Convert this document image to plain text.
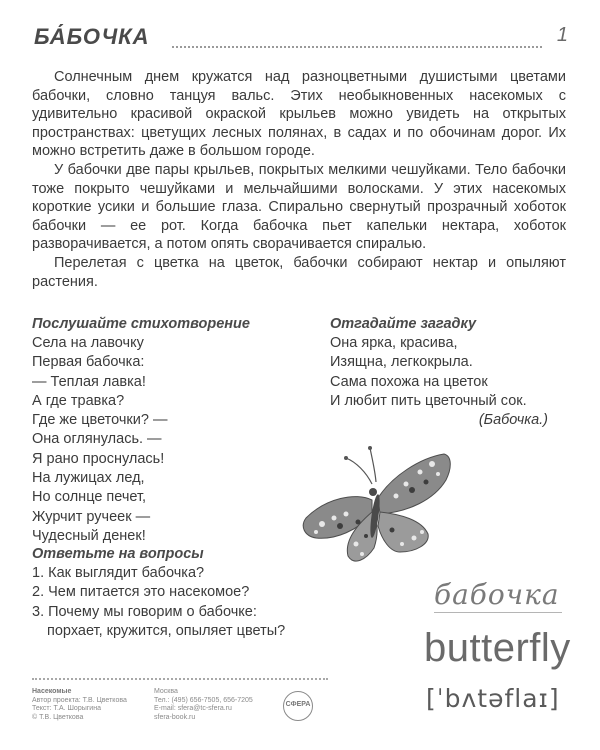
БА́БОЧКА	1

Солнечным днем кружатся над разноцветными душистыми цветами бабочки, словно танцуя вальс. Этих необыкновенных насекомых с удивительно красивой окраской крыльев можно увидеть на открытых пространствах: цветущих лесных полянах, в садах и по обочинам дорог. Их можно встретить даже в большом городе.

У бабочки две пары крыльев, покрытых мелкими чешуйками. Тело бабочки тоже покрыто чешуйками и мельчайшими волосками. У этих насекомых короткие усики и большие глаза. Спирально свернутый прозрачный хоботок бабочки — ее рот. Когда бабочка пьет капельки нектара, хоботок разворачивается, а потом опять сворачивается спиралью.

Перелетая с цветка на цветок, бабочки собирают нектар и опыляют растения.

Послушайте стихотворение
Села на лавочку
Первая бабочка:
— Теплая лавка!
А где травка?
Где же цветочки? —
Она оглянулась. —
Я рано проснулась!
На лужицах лед,
Но солнце печет,
Журчит ручеек —
Чудесный денек!
Отгадайте загадку
Она ярка, красива,
Изящна, легкокрыла.
Сама похожа на цветок
И любит пить цветочный сок.
(Бабочка.)
Ответьте на вопросы
1. Как выглядит бабочка?
2. Чем питается это насекомое?
3. Почему мы говорим о бабочке:
порхает, кружится, опыляет цветы?
бабочка
butterfly
[ˈbʌtəflaɪ]
Насекомые
Автор проекта: Т.В. Цветкова
Текст: Т.А. Шорыгина
© Т.В. Цветкова
Москва
Тел.: (495) 656-7505, 656-7205
E-mail: sfera@tc-sfera.ru
sfera-book.ru
СФЕРА
